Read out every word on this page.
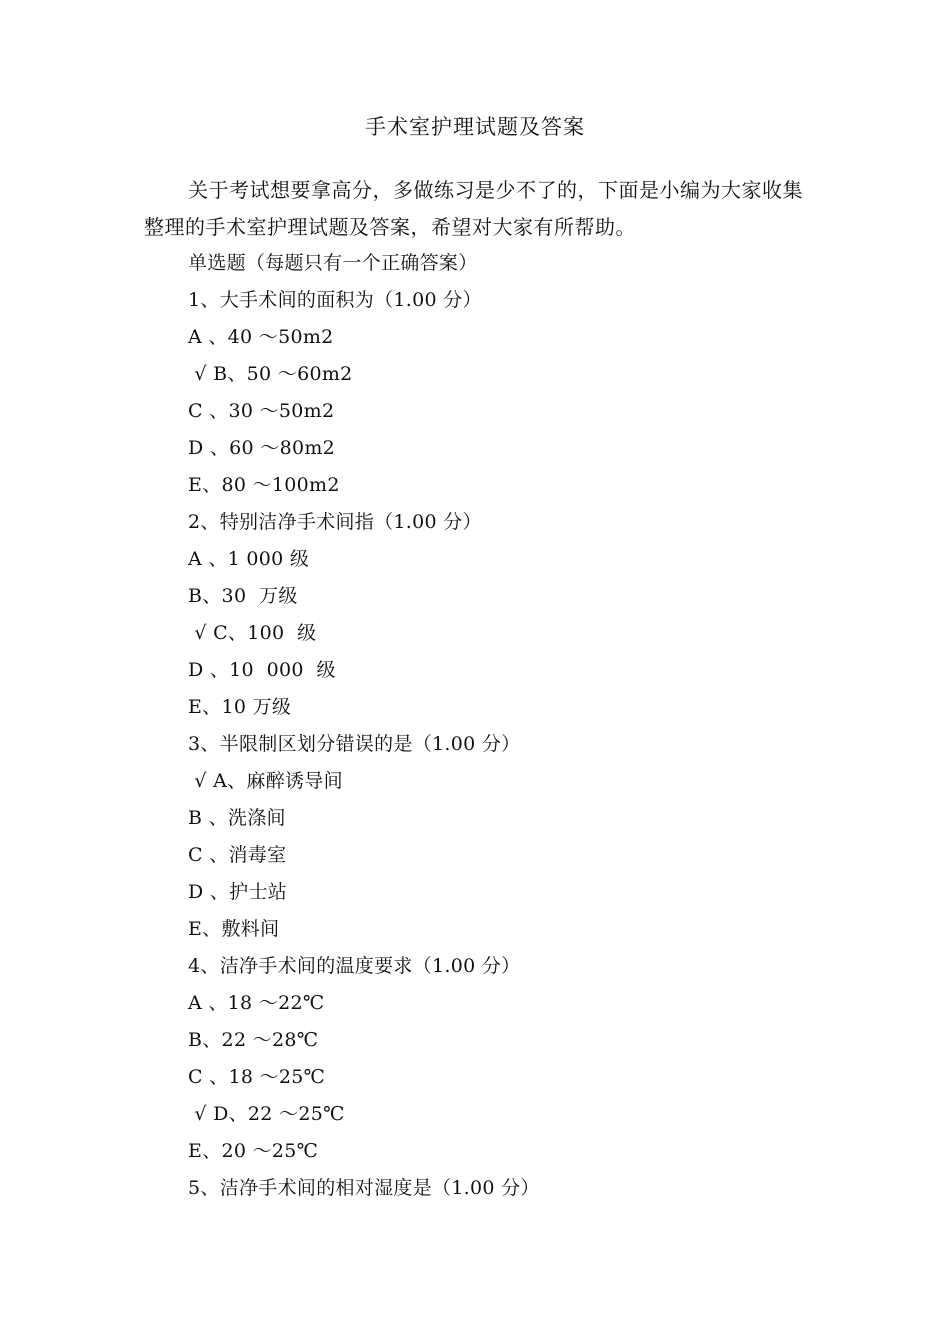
手术室护理试题及答案
关于考试想要拿高分，多做练习是少不了的，下面是小编为大家收集整理的手术室护理试题及答案，希望对大家有所帮助。
单选题（每题只有一个正确答案）
1、大手术间的面积为（1.00 分）
A 、40 ～50m2
√ B、50 ～60m2
C 、30 ～50m2
D 、60 ～80m2
E、80 ～100m2
2、特别洁净手术间指（1.00 分）
A 、1 000 级
B、30  万级
√ C、100  级
D 、10  000  级
E、10 万级
3、半限制区划分错误的是（1.00 分）
√ A、麻醉诱导间
B 、洗涤间
C 、消毒室
D 、护士站
E、敷料间
4、洁净手术间的温度要求（1.00 分）
A 、18 ～22℃
B、22 ～28℃
C 、18 ～25℃
√ D、22 ～25℃
E、20 ～25℃
5、洁净手术间的相对湿度是（1.00 分）
